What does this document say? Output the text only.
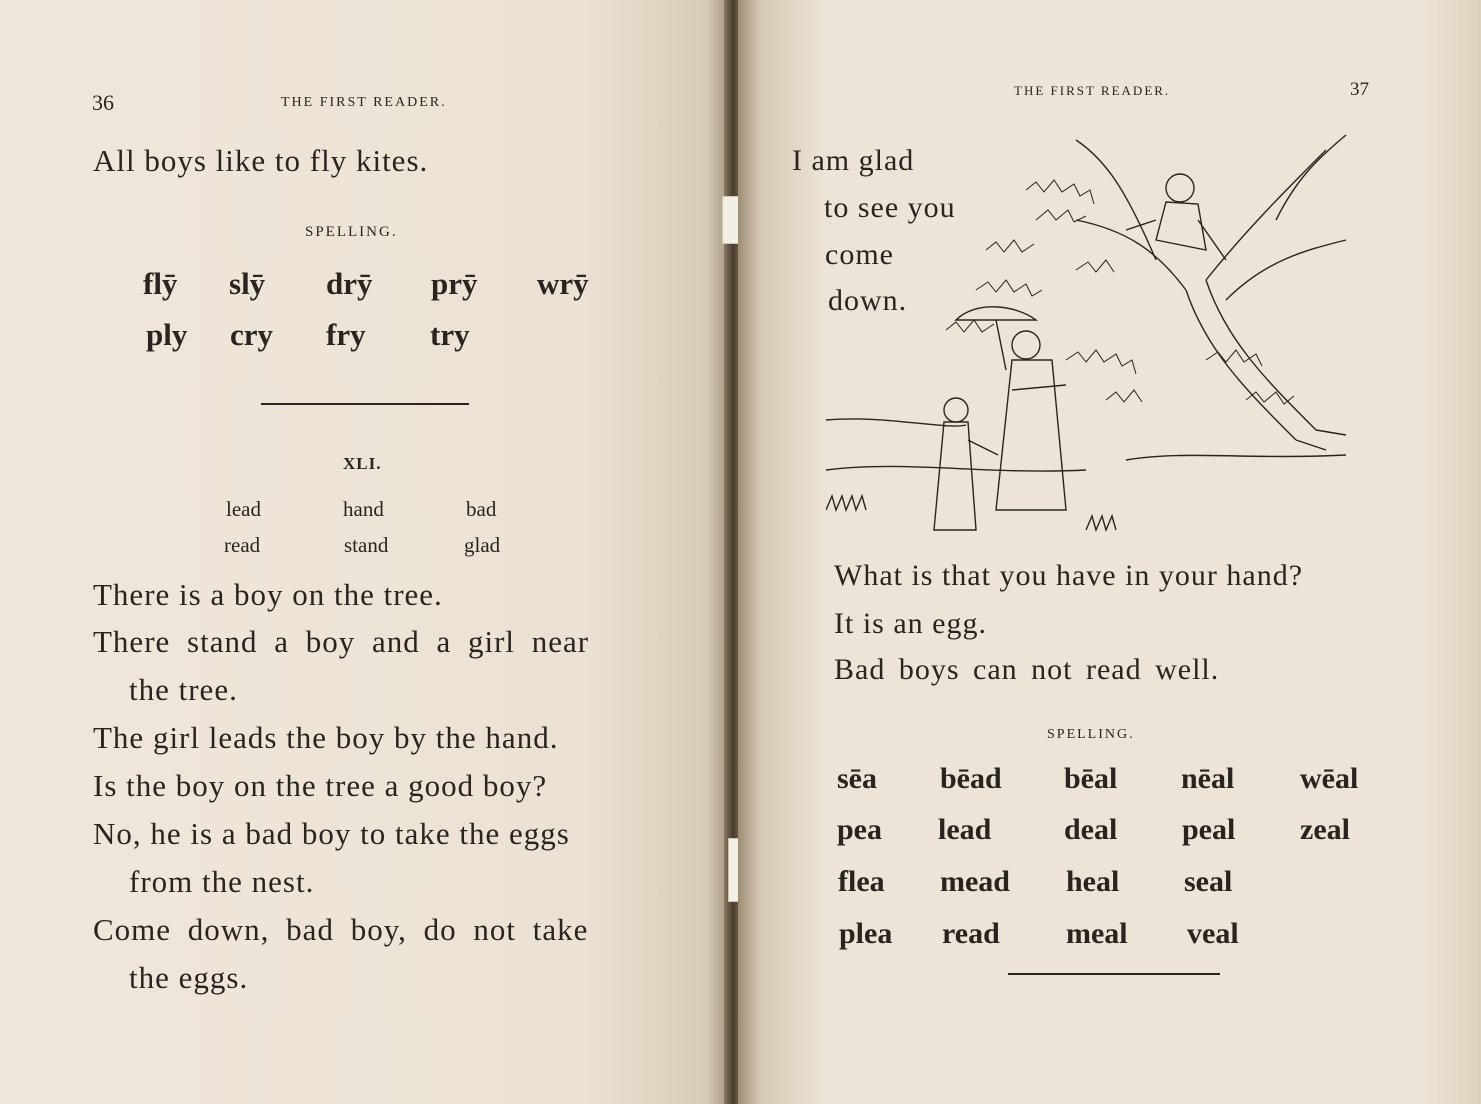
36	THE FIRST READER.
All boys like to fly kites.
SPELLING.
flȳ slȳ drȳ prȳ wrȳ
ply cry fry try
XLI.
lead	hand	bad
read	stand	glad
There is a boy on the tree.
There stand a boy and a girl near
the tree.
The girl leads the boy by the hand.
Is the boy on the tree a good boy?
No, he is a bad boy to take the eggs
from the nest.
Come down, bad boy, do not take
the eggs.
THE FIRST READER.	37
I am glad
to see you
come
down.
What is that you have in your hand?
It is an egg.
Bad boys can not read well.
SPELLING.
sēa bēad bēal nēal wēal
pea lead deal peal zeal
flea mead heal seal
plea read meal veal
